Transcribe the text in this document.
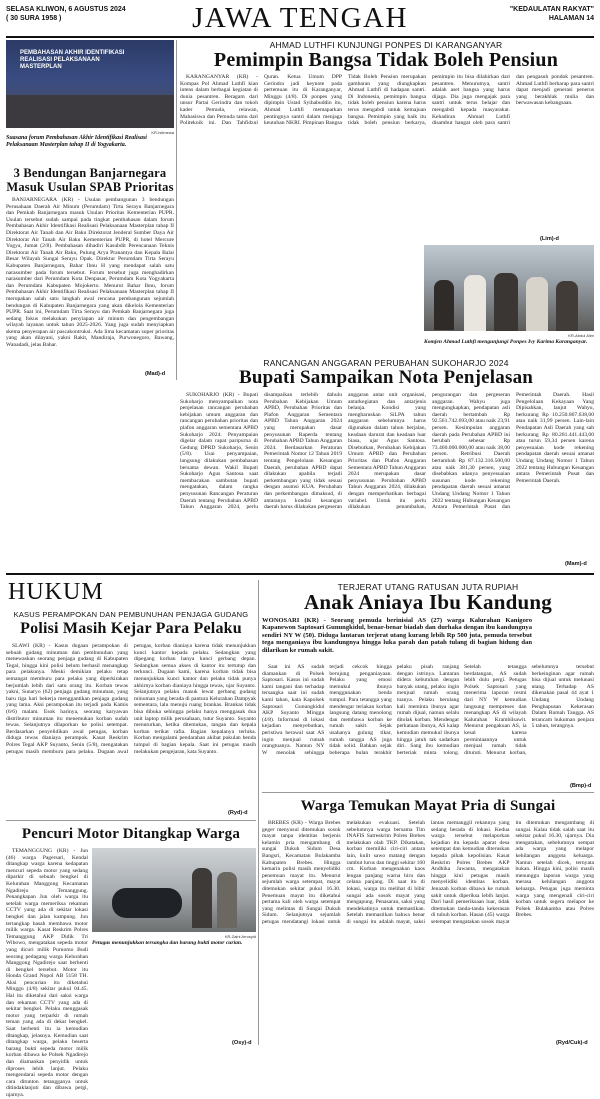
SELASA KLIWON, 6 AGUSTUS 2024
( 30 SURA 1958 )	JAWA TENGAH	"KEDAULATAN RAKYAT"
HALAMAN 14
AHMAD LUTHFI KUNJUNGI PONPES DI KARANGANYAR
Pemimpin Bangsa Tidak Boleh Pensiun

KARANGANYAR (KR) - Kompas Pol Ahmad Luthfi kian intens dalam berbagai kegiatan di dunia pesantren. Beragam dari unsur Partai Gerindra dan tokoh kader Pemuda, relawan, Mahasiswa dan Pemuda tamu dari Politeknik ini. Dan Tahfidzul Quran. Ketua Umum DPP Gerindra jadi keynote pada pertemuan itu di Karanganyar, Minggu (4/8). Di ponpes yang dipimpin Ustad Syihabuddin itu, Ahmad Luthfi memaparkan pentingnya santri dalam menjaga keutuhan NKRI. Pimpinan Bangsa Tidak Boleh Pensiun merupakan gambaran yang diungkapkan Ahmad Luthfi di hadapan santri. Di Indonesia, pemimpin bangsa tidak boleh pensiun karena harus terus mengabdi untuk kemajuan bangsa. Pemimpin yang baik itu tidak boleh pensiun berkarya, pemimpin itu bisa dilahirkan dari pesantren. Menurutnya, santri adalah aset bangsa yang harus dijaga. Dia juga mengajak para santri untuk terus belajar dan mengabdi kepada masyarakat. Kehadiran Ahmad Luthfi disambut hangat oleh para santri dan pengasuh pondok pesantren. Ahmad Luthfi berharap para santri dapat menjadi generasi penerus yang berakhlak mulia dan berwawasan kebangsaan.

KR-Abdul Alim
Komjen Ahmad Luthfi mengunjungi Ponpes Ivy Karima Karanganyar.
(Lim)-d
PEMBAHASAN AKHIR IDENTIFIKASI REALISASI PELAKSANAAN MASTERPLAN
KR-Istimewa
Suasana forum Pembahasan Akhir Identifikasi Realisasi Pelaksanaan Masterplan tahap II di Yogyakarta.
3 Bendungan Banjarnegara Masuk Usulan SPAB Prioritas

BANJARNEGARA (KR) - Usulan pembangunan 3 bendungan Perusahaan Daerah Air Minum (Perumdam) Tirta Serayu Banjarnegara dan Pemkab Banjarnegara masuk Usulan Prioritas Kementerian PUPR. Usulan tersebut sudah sampai pada tingkat pembahasan dalam forum Pembahasan Akhir Identifikasi Realisasi Pelaksanaan Masterplan tahap II Direktorat Air Tanah dan Air Baku Direktorat Jenderal Sumber Daya Air Direktorat Air Tanah Air Baku Kementerian PUPR, di hotel Mercure Yogya, Jumat (2/8). Pembahasan dihadiri Kasubdit Perencanaan Teknis Direktorat Air Tanah Air Baku, Pulung Arya Pranantya dan Kepala Balai Besar Wilayah Sungai Serayu Opak. Direktur Perumdam Tirta Serayu Kabupaten Banjarnegara, Bahar Ibnu H yang mendapat salah satu narasumber pada forum tersebut. Forum tersebut juga menghadirkan narasumber dari Perumdam Kota Denpasar, Perumdam Kota Yogyakarta dan Perumdam Kabupaten Mojokerto. Menurut Bahar Ibnu, forum Pembahasan Akhir Identifikasi Realisasi Pelaksanaan Masterplan tahap II merupakan salah satu langkah awal rencana pembangunan sejumlah bendungan di Kabupaten Banjarnegara yang akan dikelola Kementerian PUPR. Saat ini, Perumdam Tirta Serayu dan Pemkab Banjarnegara juga sedang fokus melakukan penyiapan air minum dan pengembangan wilayah layanan untuk tahun 2025-2026. Yang juga sudah menyiapkan skema penyerapan air pascakontruksi. Ada lima kecamatan super prioritas yang akan dilayani, yakni Rakit, Mandiraja, Purwonegoro, Bawang, Wanadadi, jelas Bahar.

(Mad)-d
RANCANGAN ANGGARAN PERUBAHAN SUKOHARJO 2024
Bupati Sampaikan Nota Penjelasan

SUKOHARJO (KR) - Bupati Sukoharjo menyampaikan nota penjelasan rancangan perubahan kebijakan umum anggaran dan rancangan perubahan prioritas dan plafon anggaran sementara APBD Sukoharjo 2024. Penyampaian digelar dalam rapat paripurna di Gedung DPRD Sukoharjo, Senin (5/8). Usai penyampaian, langsung dilakukan pembahasan bersama dewan. Wakil Bupati Sukoharjo Agus Santosa saat membacakan sambutan bupati mengatakan, dalam rangka penyusunan Rancangan Peraturan Daerah tentang Perubahan APBD Tahun Anggaran 2024, perlu disampaikan terlebih dahulu Perubahan Kebijakan Umum APBD, Perubahan Prioritas dan Plafon Anggaran Sementara APBD Tahun Anggaran 2024 yang merupakan dasar penyusunan Raperda tentang Perubahan APBD Tahun Anggaran 2024. Berdasarkan Peraturan Pemerintah Nomor 12 Tahun 2019 tentang Pengelolaan Keuangan Daerah, perubahan APBD dapat dilakukan apabila terjadi perkembangan yang tidak sesuai dengan asumsi KUA. Perubahan dan perkembangan dimaksud, di antaranya kondisi keuangan daerah harus dilakukan pergeseran anggaran antar unit organisasi, antarkegiatan dan antarjenis belanja. Kondisi yang mengharuskan SiLPA tahun anggaran sebelumnya harus digunakan dalam tahun berjalan, keadaan darurat dan keadaan luar biasa, ujar Agus Santosa. Disebutkan, Perubahan Kebijakan Umum APBD dan Perubahan Prioritas dan Plafon Anggaran Sementara APBD Tahun Anggaran 2024 merupakan dasar penyusunan Perubahan APBD Tahun Anggaran 2024, dilakukan dengan memperhatikan berbagai variabel. Untuk itu perlu dilakukan penambahan, pengurangan dan pergeseran anggaran. Wahyu juga mengungkapkan, pendapatan asli daerah bertambah Rp 92.561.742.693,00 atau naik 23,91 persen. Kesimpulan anggaran daerah pada Perubahan APBD ini berubah sebesar Rp 73.460.000.000,00 atau naik 38,00 persen. Retribusi Daerah bertambah Rp 87.132.316.500,00 atau naik 381,30 persen, yang disebabkan adanya penyesuaian susunan kode rekening pendapatan daerah sesuai amanat Undang Undang Nomor 1 Tahun 2022 tentang Hubungan Keuangan Antara Pemerintah Pusat dan Pemerintah Daerah. Hasil Pengelolaan Kekayaan Yang Dipisahkan, lanjut Wahyu, berkurang Rp 10.250.867.638,00 atau naik 31,99 persen. Lain-lain Pendapatan Asli Daerah yang sah berkurang Rp 80.281.441.443,00 atau turun 59,34 persen karena penyesuaian kode rekening pendapatan daerah sesuai amanat Undang Undang Nomor 1 Tahun 2022 tentang Hubungan Keuangan antara Pemerintah Pusat dan Pemerintah Daerah.

(Mam)-d
HUKUM
KASUS PERAMPOKAN DAN PEMBUNUHAN PENJAGA GUDANG
Polisi Masih Kejar Para Pelaku

SLAWI (KR) - Kasus dugaan perampokan di sebuah gudang minuman dan pembunuhan yang menewaskan seorang penjaga gudang di Kabupaten Tegal, hingga kini polisi belum berhasil menangkap para pelakunya. Meski demikian pelaku tetap semangat memburu para pelaku yang diperkirakan berjumlah lebih dari satu orang itu. Korban tewas yakni, Sunaryo (62) penjaga gudang minuman, yang baru tiga hari bekerja menggantikan penjaga gudang yang lama. Aksi perampokan itu terjadi pada Kamis (6/6) malam. Esok harinya, seorang karyawan distributor minuman itu menemukan korban sudah tewas. Selanjutnya dilaporkan ke polisi setempat. Berdasarkan penyelidikan awal petugas, korban diduga tewas dianiaya perampok. Kasat Reskrim Polres Tegal AKP Suyanto, Senin (5/8), mengatakan petugas masih memburu para pelaku. Dugaan awal petugas, korban dianiaya karena tidak menunjukkan kunci kantor kepada pelaku. Sedangkan yang dipegang korban hanya kunci gerbang depan. Sedangkan semua akses di kantor itu tertutup dan terkunci. Dugaan kami, karena korban tidak bisa menunjukkan kunci kantor dan pelaku tidak punya akhirnya korban dianiaya hingga tewas, ujar Suyanto. Selanjutnya pelaku masuk lewat gerbang gudang minuman yang berada di pantura Kelurahan Dampyak sementara, lalu menuju ruang brankas. Brankas tidak bisa dibuka sehingga pelaku hanya menggasak dua unit laptop milik perusahaan, tutur Suyanto. Suyanto menuturkan, ketika ditemukan, tangan dan kepala korban terikat rafia. Bagian kepalanya terluka. Korban mengalami pendarahan akibat pukulan benda tumpul di bagian kepala. Saat ini petugas masih melakukan pengejaran, kata Suyanto.

(Ryd)-d
TERJERAT UTANG RATUSAN JUTA RUPIAH
Anak Aniaya Ibu Kandung
WONOSARI (KR) - Seorang pemuda berinisial AS (27) warga Kalurahan Kanigoro Kapanewon Saptosari Gunungkidul, benar-benar biadab dan durhaka dengan ibu kandungnya sendiri NY W (50). Diduga lantaran terjerat utang kurang lebih Rp 500 juta, pemuda tersebut tega menganiaya ibu kandungnya hingga luka parah dan patah tulang di bagian hidung dan dilarikan ke rumah sakit.

Saat ini AS sudah diamankan di Polsek Saptosari. Kasus ini sudah kami tangani dan terhadap tersangka saat ini sudah kami tahan, kata Kapolsek Saptosari Gunungkidul AKP Suyanto Minggu (4/8). Informasi di lokasi kejadian menyebutkan, peristiwa berawal saat AS ingin menjual rumah orangtuanya. Namun NY W menolak sehingga terjadi cekcok hingga berujung penganiayaan. Pelaku yang emosi memukul ibunya menggunakan benda tumpul. Para tetangga yang mendengar teriakan korban langsung datang menolong dan membawa korban ke rumah sakit. Sejak usahanya gulung tikar, rumah tangga AS juga tidak solid. Bahkan sejak beberapa bulan terakhir pelaku pisah ranjang dengan istrinya. Lantaran didera kebutuhan dengan banyak utang, pelaku ingin menjual rumah orang tuanya. Pelaku berulang kali meminta ibunya agar rumah dijual, namun selalu ditolak korban. Mendengar perkataan ibunya, AS kalap kemudian memukul ibunya hingga jatuh tak sadarkan diri. Sang ibu kemudian berteriak minta tolong. Setelah tetangga berdatangan, AS sudah lebih dulu pergi. Petugas Polsek Saptosari yang menerima laporan resmi dari NY W kemudian langsung mempreses dan menangkap AS di wilayah Kalurahan Krambilsawit. Menurut pengakuan AS, ia kesal karena permintaannya untuk menjual rumah tidak dituruti. Menurut korban, sebelumnya tersebut berkeinginan agar rumah bisa dijual untuk melunasi utang. Terhadap AS dikenakan pasal 44 ayat 1 Undang Undang Penghapusan Kekerasan Dalam Rumah Tangga. AS terancam hukuman penjara 5 tahun, terangnya.

(Bmp)-d
Pencuri Motor Ditangkap Warga

TEMANGGUNG (KR) - Jun (46) warga Pagersari, Kendal ditangkap warga karena kedapatan mencuri sepeda motor yang sedang diparkir di sebuah bengkel di Kelurahan Manggong Kecamatan Ngadirejo Temanggung. Penangkapan Jun oleh warga itu setelah warga memeriksa rekaman CCTV yang ada di sekitar lokasi bengkel dan jalan kampung. Jun tertangkap basah membawa motor milik warga. Kasat Reskrim Polres Temanggung AKP Didik Tri Wibowo, mengatakan sepeda motor yang dicuri milik Purnomo Budi seorang pedagang warga Kelurahan Manggong Ngadirejo saat berhenti di bengkel tersebut. Motor itu Honda Grand Nopol AB 5158 TH. Aksi pencurian itu diketahui Minggu (4/8) sekitar pukul 04.45. Hal itu diketahui dari saksi warga dan rekaman CCTV yang ada di sekitar bengkel. Pelaku menggasak motor yang terparkir di rumah teman yang ada di dekat bengkel. Saat berhenti itu ia kemudian ditangkap, jelasnya. Kemudian saat ditangkap warga, pelaku beserta barang bukti sepeda motor milik korban dibawa ke Polsek Ngadirejo dan diamankan penyidik untuk diproses lebih lanjut. Pelaku mengendarai sepeda motor dengan cara ditunton tetangganya untuk ditindaklanjuti dan dibawa pergi, ujarnya.

KR-Zaini Arrosyid
Petugas menunjukkan tersangka dan barang bukti motor curian.
(Osy)-d
Warga Temukan Mayat Pria di Sungai

BREBES (KR) - Warga Brebes geger menyusul ditemukan sosok mayat tanpa identitas berjenis kelamin pria mengambang di sungai Dukuh Sidum Desa Bangsri, Kecamatan Bulakamba Kabupaten Brebes. Hingga kemarin polisi masih menyelidiki penemuan mayat itu. Menurut sejumlah warga setempat, mayat ditemukan sekitar pukul 16.30. Penemuan mayat itu diketahui pertama kali oleh warga setempat yang melintas di Sungai Dukuh Sidum. Selanjutnya sejumlah petugas mendatangi lokasi untuk melakukan evakuasi. Setelah sebelumnya warga bersama Tim INAFIS Satreskrim Polres Brebes melakukan olah TKP. Dikatakan, korban memiliki ciri-ciri antara lain, kulit sawo matang dengan rambut lurus dan tinggi sekitar 160 cm. Korban mengenakan kaos lengan panjang warna biru dan celana panjang. Di saat itu di lokasi, warga itu melihat di bibir sungai ada sosok mayat yang mengapung. Penasaran, saksi yang mendekatinya untuk memastikan. Setelah memastikan bahwa benar di sungai itu adalah mayat, saksi lantas memanggil rekannya yang sedang berada di lokasi. Kedua warga tersebut melaporkan kejadian itu kepada aparat desa setempat dan kemudian diteruskan kepada pihak kepolisian. Kasat Reskrim Polres Brebes AKP Andhika Jawanta, mengatakan hingga kini petugas masih menyelidiki identitas korban. Jenazah korban dibawa ke rumah sakit untuk diperiksa lebih lanjut. Dari hasil pemeriksaan luar, tidak ditemukan tanda-tanda kekerasan di tubuh korban. Hasan (45) warga setempat mengatakan sosok mayat itu ditemukan mengambang di sungai. Kalau tidak salah saat itu sekitar pukul 16.30, ujarnya. Dia mengatakan, sebelumnya sempat ada warga yang melapor kehilangan anggota keluarga. Namun setelah dicek, ternyata bukan. Hingga kini, polisi masih menunggu laporan warga yang merasa kehilangan anggota keluarga. Petugas juga meminta warga yang mengenali ciri-ciri korban untuk segera melapor ke Polsek Bulakamba atau Polres Brebes.

(Ryd/Cuk)-d
